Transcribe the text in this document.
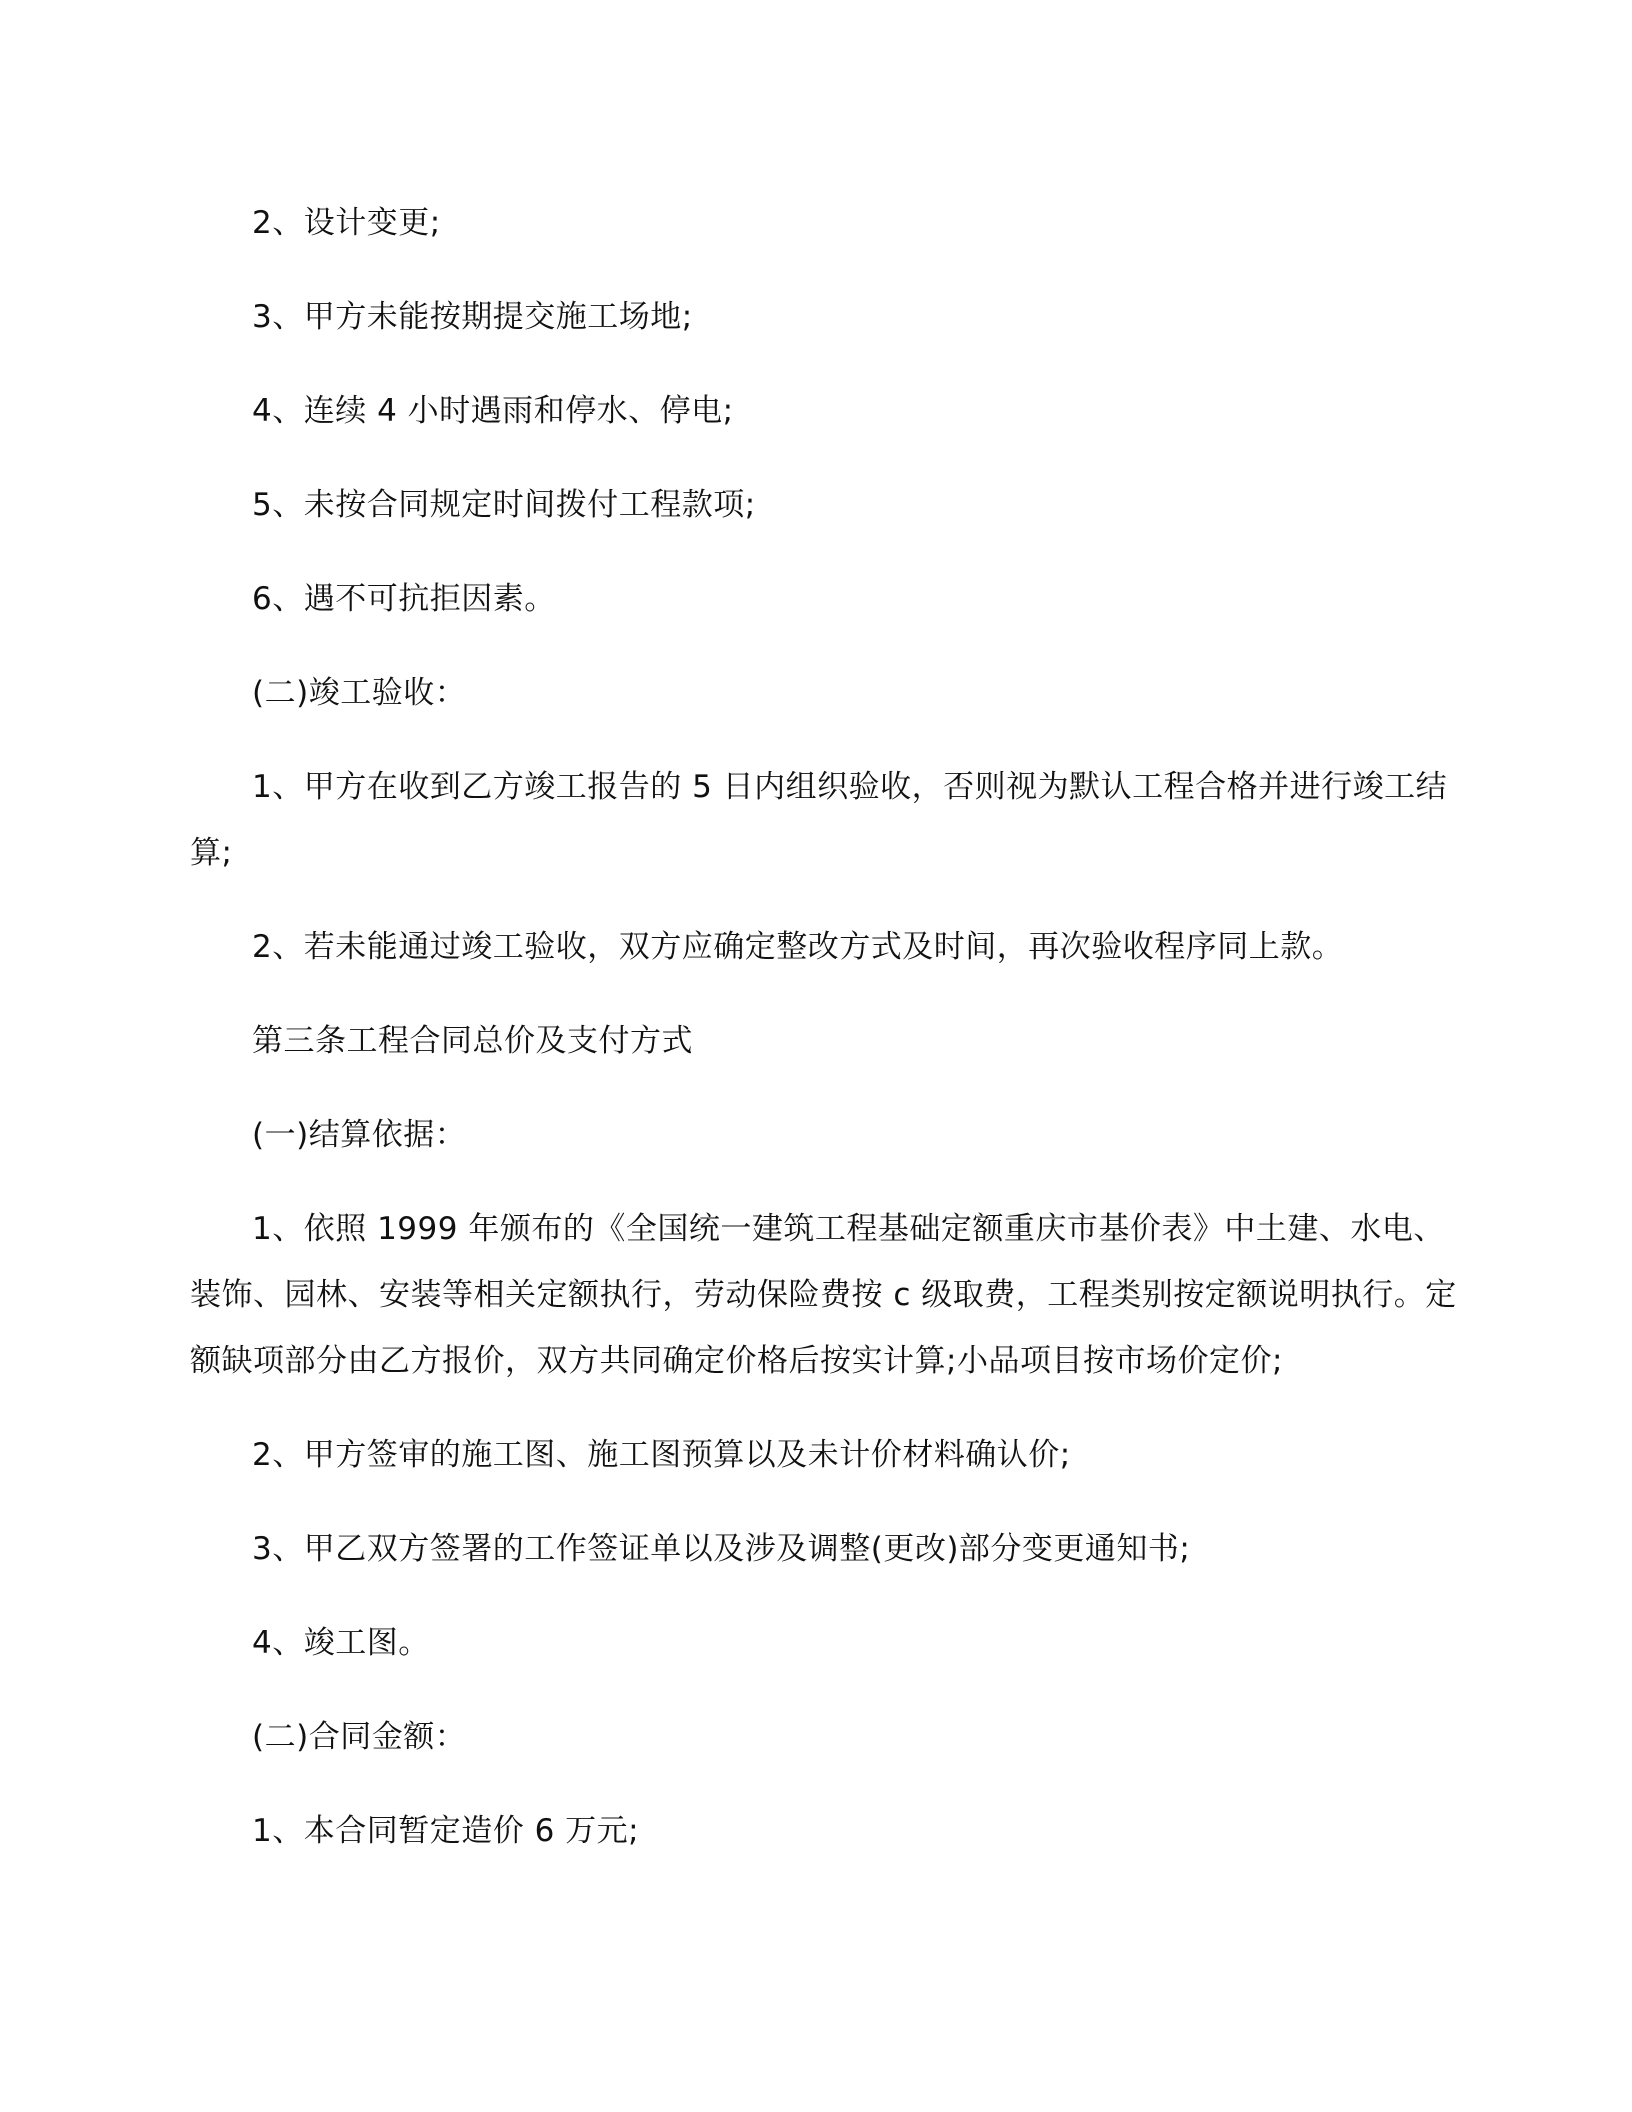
2、设计变更;

3、甲方未能按期提交施工场地;

4、连续 4 小时遇雨和停水、停电;

5、未按合同规定时间拨付工程款项;

6、遇不可抗拒因素。

(二)竣工验收：

1、甲方在收到乙方竣工报告的 5 日内组织验收，否则视为默认工程合格并进行竣工结算;

2、若未能通过竣工验收，双方应确定整改方式及时间，再次验收程序同上款。

第三条工程合同总价及支付方式

(一)结算依据：

1、依照 1999 年颁布的《全国统一建筑工程基础定额重庆市基价表》中土建、水电、装饰、园林、安装等相关定额执行，劳动保险费按 c 级取费，工程类别按定额说明执行。定额缺项部分由乙方报价，双方共同确定价格后按实计算;小品项目按市场价定价;

2、甲方签审的施工图、施工图预算以及未计价材料确认价;

3、甲乙双方签署的工作签证单以及涉及调整(更改)部分变更通知书;

4、竣工图。

(二)合同金额：

1、本合同暂定造价 6 万元;
